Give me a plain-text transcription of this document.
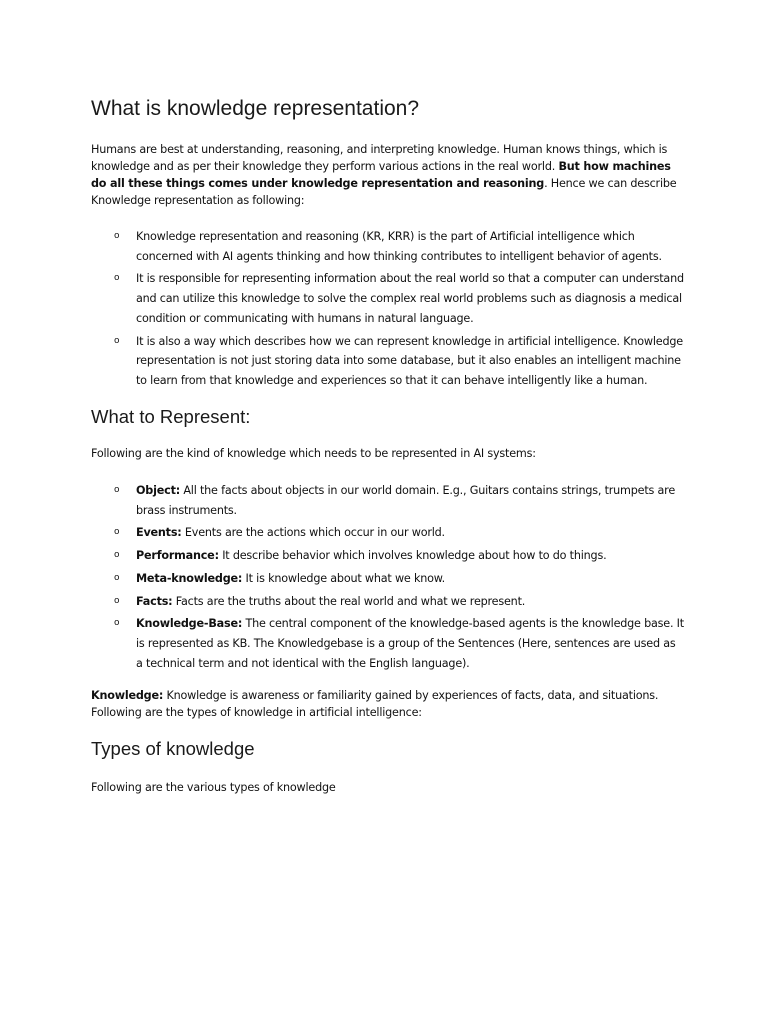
What is knowledge representation?

Humans are best at understanding, reasoning, and interpreting knowledge. Human knows things, which is knowledge and as per their knowledge they perform various actions in the real world. But how machines do all these things comes under knowledge representation and reasoning. Hence we can describe Knowledge representation as following:

o Knowledge representation and reasoning (KR, KRR) is the part of Artificial intelligence which concerned with AI agents thinking and how thinking contributes to intelligent behavior of agents.
o It is responsible for representing information about the real world so that a computer can understand and can utilize this knowledge to solve the complex real world problems such as diagnosis a medical condition or communicating with humans in natural language.
o It is also a way which describes how we can represent knowledge in artificial intelligence. Knowledge representation is not just storing data into some database, but it also enables an intelligent machine to learn from that knowledge and experiences so that it can behave intelligently like a human.
What to Represent:

Following are the kind of knowledge which needs to be represented in AI systems:

o Object: All the facts about objects in our world domain. E.g., Guitars contains strings, trumpets are brass instruments.
o Events: Events are the actions which occur in our world.
o Performance: It describe behavior which involves knowledge about how to do things.
o Meta-knowledge: It is knowledge about what we know.
o Facts: Facts are the truths about the real world and what we represent.
o Knowledge-Base: The central component of the knowledge-based agents is the knowledge base. It is represented as KB. The Knowledgebase is a group of the Sentences (Here, sentences are used as a technical term and not identical with the English language).

Knowledge: Knowledge is awareness or familiarity gained by experiences of facts, data, and situations. Following are the types of knowledge in artificial intelligence:

Types of knowledge

Following are the various types of knowledge
